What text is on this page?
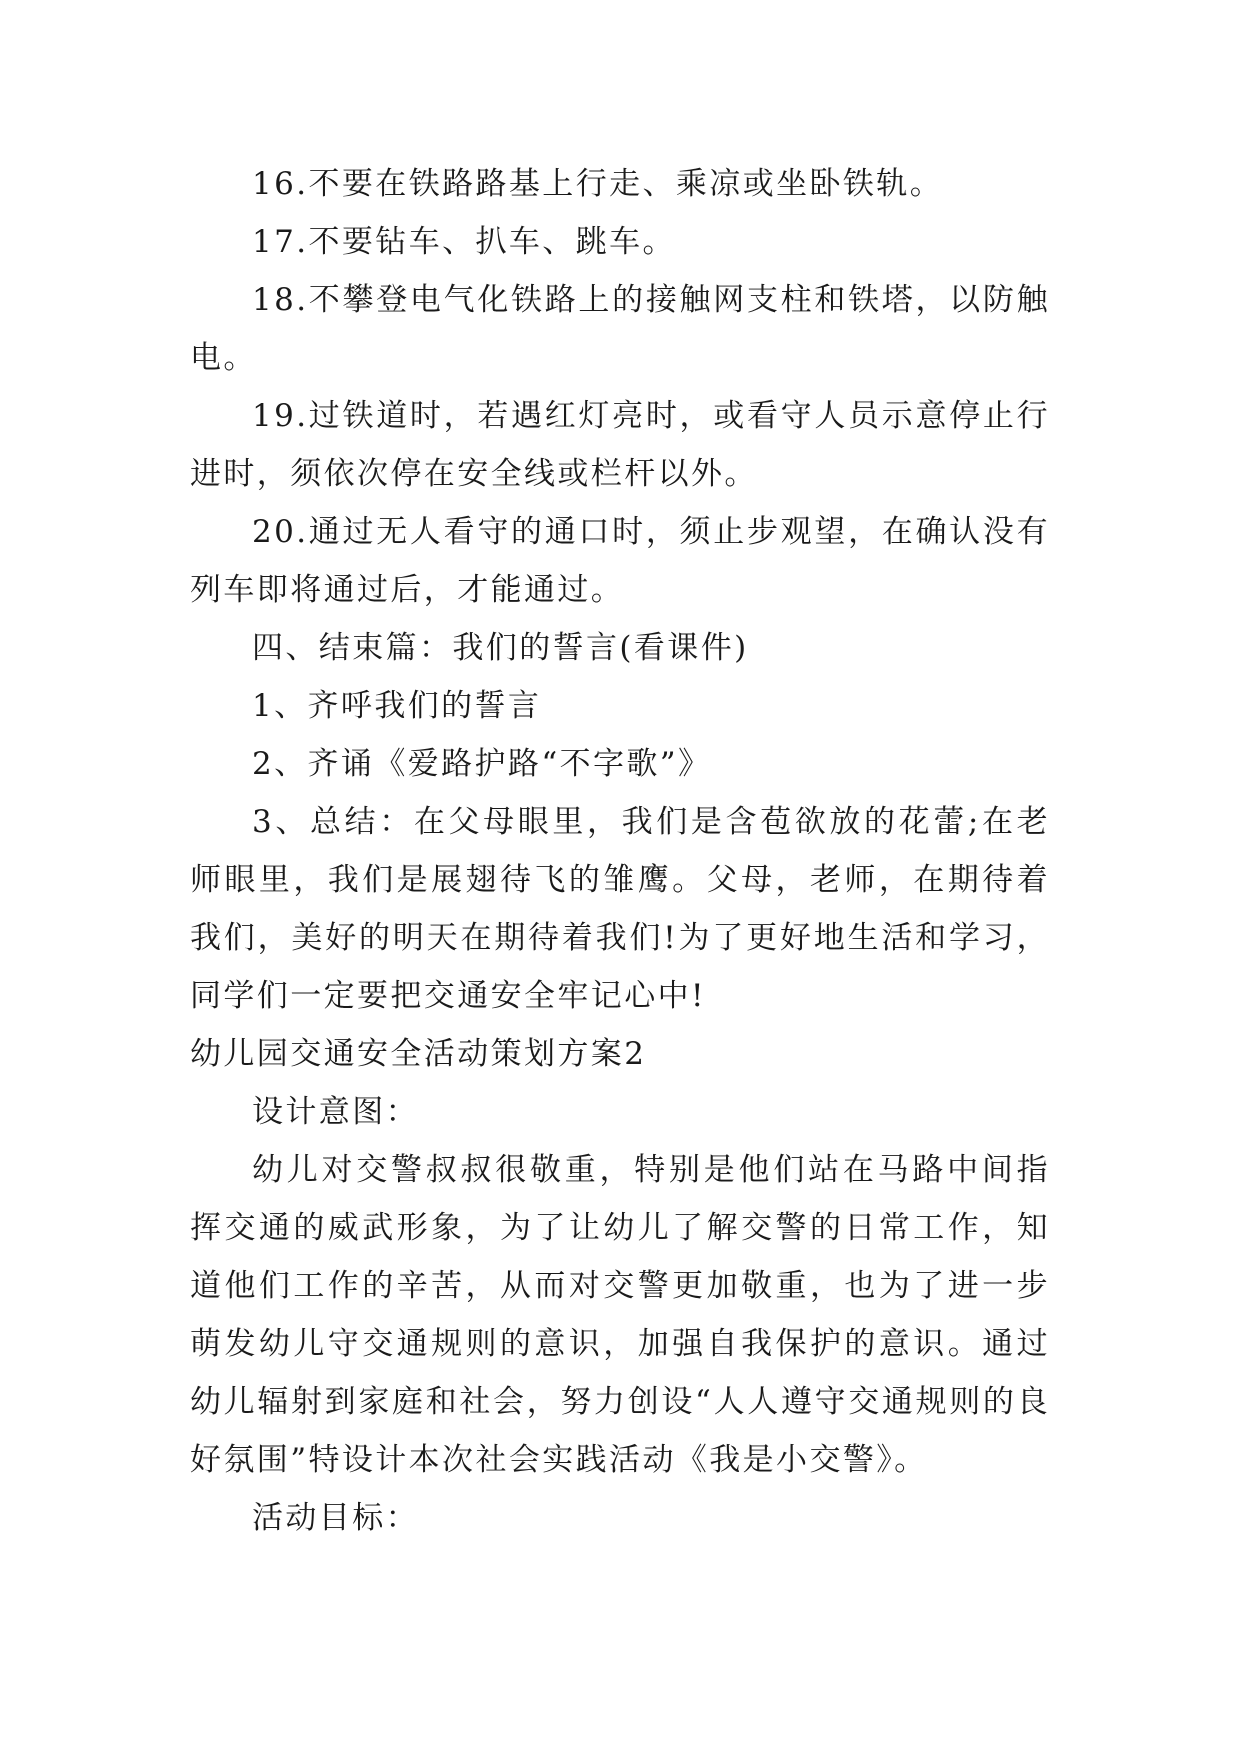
16.不要在铁路路基上行走、乘凉或坐卧铁轨。

17.不要钻车、扒车、跳车。

18.不攀登电气化铁路上的接触网支柱和铁塔，以防触电。

19.过铁道时，若遇红灯亮时，或看守人员示意停止行进时，须依次停在安全线或栏杆以外。

20.通过无人看守的通口时，须止步观望，在确认没有列车即将通过后，才能通过。

四、结束篇：我们的誓言(看课件)

1、齐呼我们的誓言

2、齐诵《爱路护路“不字歌”》

3、总结：在父母眼里，我们是含苞欲放的花蕾;在老师眼里，我们是展翅待飞的雏鹰。父母，老师，在期待着我们，美好的明天在期待着我们!为了更好地生活和学习，同学们一定要把交通安全牢记心中!

幼儿园交通安全活动策划方案2

设计意图：

幼儿对交警叔叔很敬重，特别是他们站在马路中间指挥交通的威武形象，为了让幼儿了解交警的日常工作，知道他们工作的辛苦，从而对交警更加敬重，也为了进一步萌发幼儿守交通规则的意识，加强自我保护的意识。通过幼儿辐射到家庭和社会，努力创设“人人遵守交通规则的良好氛围”特设计本次社会实践活动《我是小交警》。

活动目标：
